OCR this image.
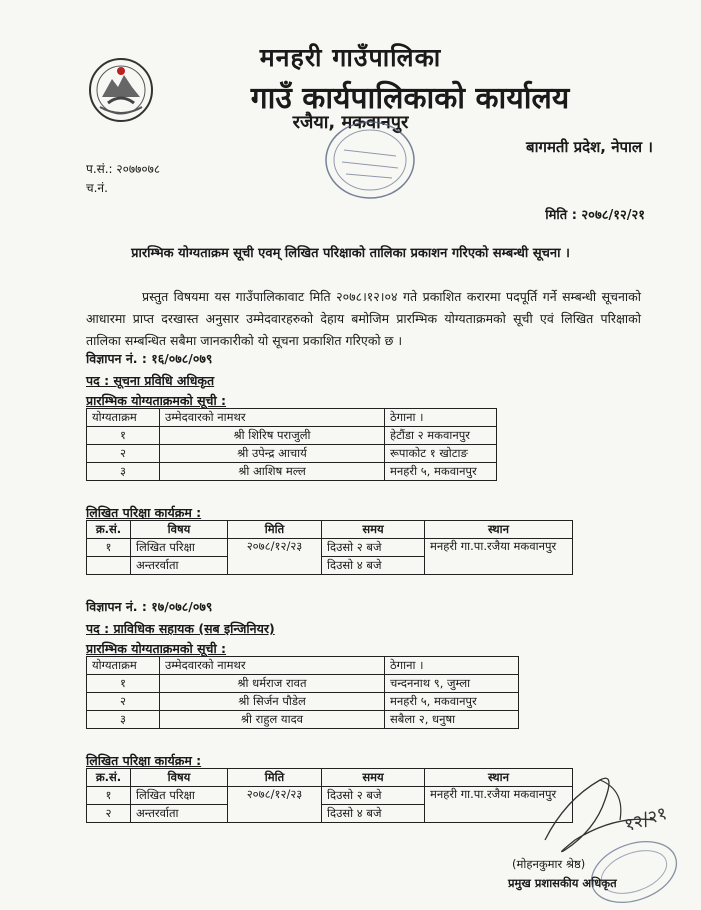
मनहरी गाउँपालिका
गाउँ कार्यपालिकाको कार्यालय
रजैया, मकवानपुर
बागमती प्रदेश, नेपाल ।
प.सं.: २०७७०७८
च.नं.
मिति : २०७८/१२/२१
प्रारम्भिक योग्यताक्रम सूची एवम् लिखित परिक्षाको तालिका प्रकाशन गरिएको सम्बन्धी सूचना ।
प्रस्तुत विषयमा यस गाउँपालिकावाट मिति २०७८।१२।०४ गते प्रकाशित करारमा पदपूर्ति गर्ने सम्बन्धी सूचनाको आधारमा प्राप्त दरखास्त अनुसार उम्मेदवारहरुको देहाय बमोजिम प्रारम्भिक योग्यताक्रमको सूची एवं लिखित परिक्षाको तालिका सम्बन्धित सबैमा जानकारीको यो सूचना प्रकाशित गरिएको छ ।
विज्ञापन नं. : १६/०७८/०७९
पद : सूचना प्रविधि अधिकृत
प्रारम्भिक योग्यताक्रमको सूची :
योग्यताक्रम	उम्मेदवारको नामथर	ठेगाना ।
१	श्री शिरिष पराजुली	हेटौंडा २ मकवानपुर
२	श्री उपेन्द्र आचार्य	रूपाकोट १ खोटाङ
३	श्री आशिष मल्ल	मनहरी ५, मकवानपुर
लिखित परिक्षा कार्यक्रम :
क्र.सं.	विषय	मिति	समय	स्थान
१	लिखित परिक्षा	२०७८/१२/२३	दिउसो २ बजे	मनहरी गा.पा.रजैया मकवानपुर
	अन्तरर्वाता		दिउसो ४ बजे	
विज्ञापन नं. : १७/०७८/०७९
पद : प्राविधिक सहायक (सब इन्जिनियर)
प्रारम्भिक योग्यताक्रमको सूची :
योग्यताक्रम	उम्मेदवारको नामथर	ठेगाना ।
१	श्री धर्मराज रावत	चन्दननाथ ९, जुम्ला
२	श्री सिर्जन पौडेल	मनहरी ५, मकवानपुर
३	श्री राहुल यादव	सबैला २, धनुषा
लिखित परिक्षा कार्यक्रम :
क्र.सं.	विषय	मिति	समय	स्थान
१	लिखित परिक्षा	२०७८/१२/२३	दिउसो २ बजे	मनहरी गा.पा.रजैया मकवानपुर
२	अन्तरर्वाता		दिउसो ४ बजे		१२/२१
(मोहनकुमार श्रेष्ठ)
प्रमुख प्रशासकीय अधिकृत
